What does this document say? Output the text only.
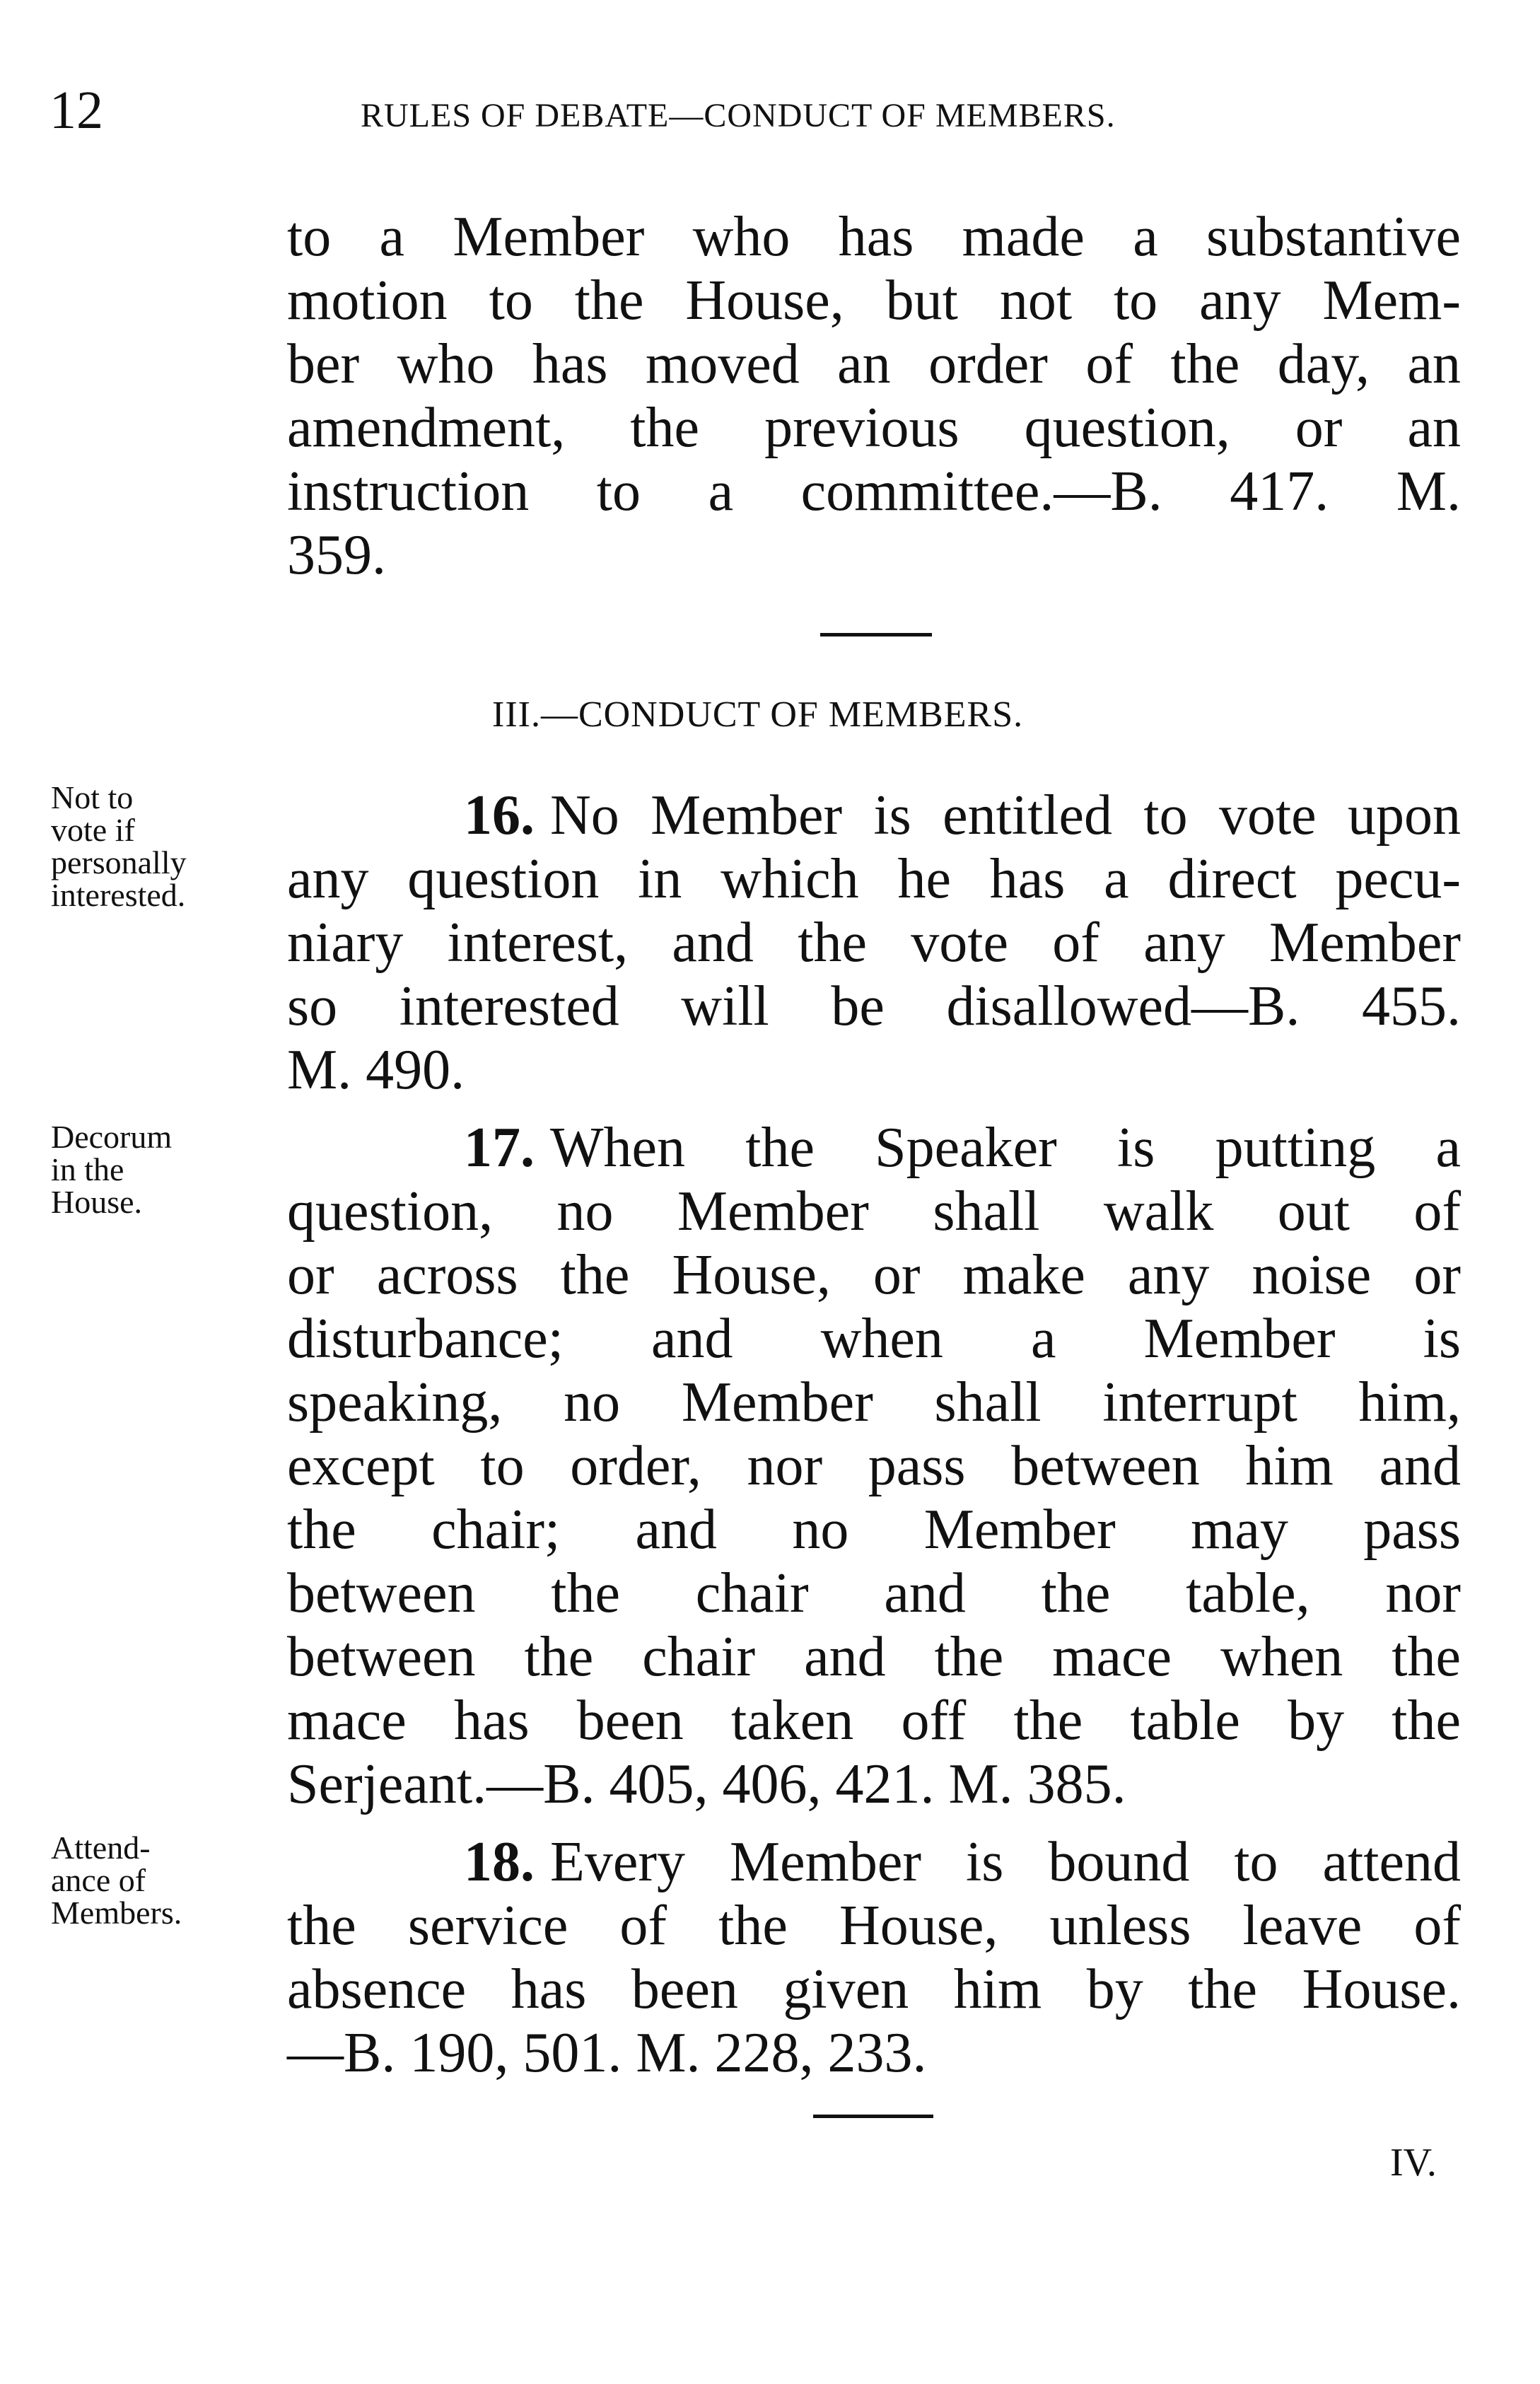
12	RULES OF DEBATE—CONDUCT OF MEMBERS.
to a Member who has made a substantive
motion to the House, but not to any Mem-
ber who has moved an order of the day, an
amendment, the previous question, or an
instruction to a committee.—B. 417. M.
359.
III.—CONDUCT OF MEMBERS.
Not to
vote if
personally
interested.
16. No Member is entitled to vote upon
any question in which he has a direct pecu-
niary interest, and the vote of any Member
so interested will be disallowed—B. 455.
M. 490.
Decorum
in the
House.
17. When the Speaker is putting a
question, no Member shall walk out of
or across the House, or make any noise or
disturbance; and when a Member is
speaking, no Member shall interrupt him,
except to order, nor pass between him and
the chair; and no Member may pass
between the chair and the table, nor
between the chair and the mace when the
mace has been taken off the table by the
Serjeant.—B. 405, 406, 421. M. 385.
Attend-
ance of
Members.
18. Every Member is bound to attend
the service of the House, unless leave of
absence has been given him by the House.
—B. 190, 501. M. 228, 233.
IV.
